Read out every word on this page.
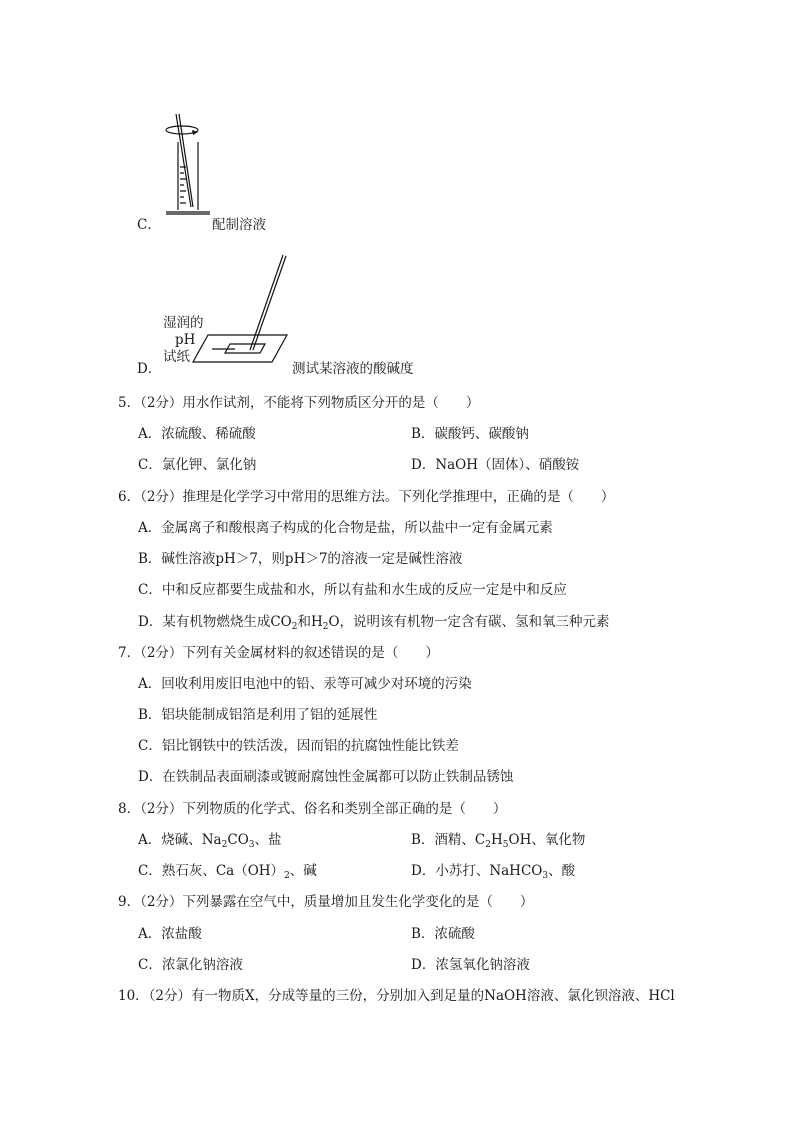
C．	配制溶液
湿润的
pH
试纸
D．	测试某溶液的酸碱度
5．（2分）用水作试剂，不能将下列物质区分开的是（　　）
A．浓硫酸、稀硫酸	B．碳酸钙、碳酸钠
C．氯化钾、氯化钠	D．NaOH（固体）、硝酸铵
6．（2分）推理是化学学习中常用的思维方法。下列化学推理中，正确的是（　　）
A．金属离子和酸根离子构成的化合物是盐，所以盐中一定有金属元素
B．碱性溶液pH＞7，则pH＞7的溶液一定是碱性溶液
C．中和反应都要生成盐和水，所以有盐和水生成的反应一定是中和反应
D．某有机物燃烧生成$CO_2$和$H_2O$，说明该有机物一定含有碳、氢和氧三种元素
7．（2分）下列有关金属材料的叙述错误的是（　　）
A．回收利用废旧电池中的铅、汞等可减少对环境的污染
B．铝块能制成铝箔是利用了铝的延展性
C．铝比钢铁中的铁活泼，因而铝的抗腐蚀性能比铁差
D．在铁制品表面刷漆或镀耐腐蚀性金属都可以防止铁制品锈蚀
8．（2分）下列物质的化学式、俗名和类别全部正确的是（　　）
A．烧碱、$Na_2CO_3$、盐	B．酒精、$C_2H_5OH$、氧化物
C．熟石灰、$Ca(OH)_2$、碱	D．小苏打、NaHCO$_3$、酸
9．（2分）下列暴露在空气中，质量增加且发生化学变化的是（　　）
A．浓盐酸	B．浓硫酸
C．浓氯化钠溶液	D．浓氢氧化钠溶液
10．（2分）有一物质X，分成等量的三份，分别加入到足量的NaOH溶液、氯化钡溶液、HCl
